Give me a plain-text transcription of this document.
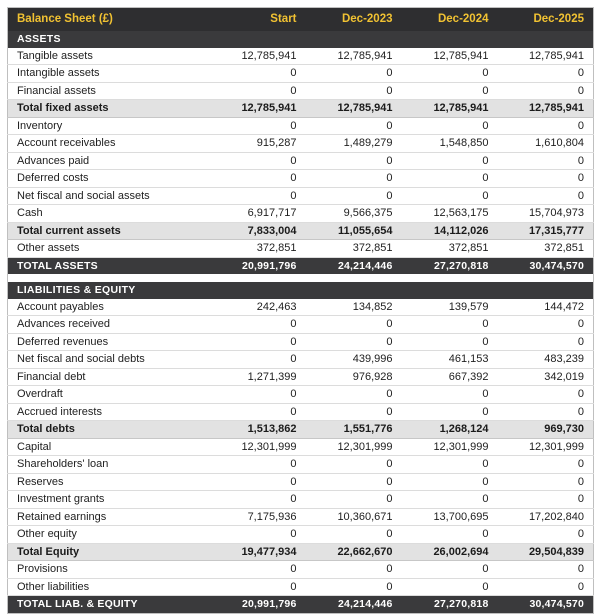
Balance Sheet (£)	Start	Dec-2023	Dec-2024	Dec-2025
ASSETS				
Tangible assets	12,785,941	12,785,941	12,785,941	12,785,941
Intangible assets	0	0	0	0
Financial assets	0	0	0	0
Total fixed assets	12,785,941	12,785,941	12,785,941	12,785,941
Inventory	0	0	0	0
Account receivables	915,287	1,489,279	1,548,850	1,610,804
Advances paid	0	0	0	0
Deferred costs	0	0	0	0
Net fiscal and social assets	0	0	0	0
Cash	6,917,717	9,566,375	12,563,175	15,704,973
Total current assets	7,833,004	11,055,654	14,112,026	17,315,777
Other assets	372,851	372,851	372,851	372,851
TOTAL ASSETS	20,991,796	24,214,446	27,270,818	30,474,570

LIABILITIES & EQUITY				
Account payables	242,463	134,852	139,579	144,472
Advances received	0	0	0	0
Deferred revenues	0	0	0	0
Net fiscal and social debts	0	439,996	461,153	483,239
Financial debt	1,271,399	976,928	667,392	342,019
Overdraft	0	0	0	0
Accrued interests	0	0	0	0
Total debts	1,513,862	1,551,776	1,268,124	969,730
Capital	12,301,999	12,301,999	12,301,999	12,301,999
Shareholders' loan	0	0	0	0
Reserves	0	0	0	0
Investment grants	0	0	0	0
Retained earnings	7,175,936	10,360,671	13,700,695	17,202,840
Other equity	0	0	0	0
Total Equity	19,477,934	22,662,670	26,002,694	29,504,839
Provisions	0	0	0	0
Other liabilities	0	0	0	0
TOTAL LIAB. & EQUITY	20,991,796	24,214,446	27,270,818	30,474,570
